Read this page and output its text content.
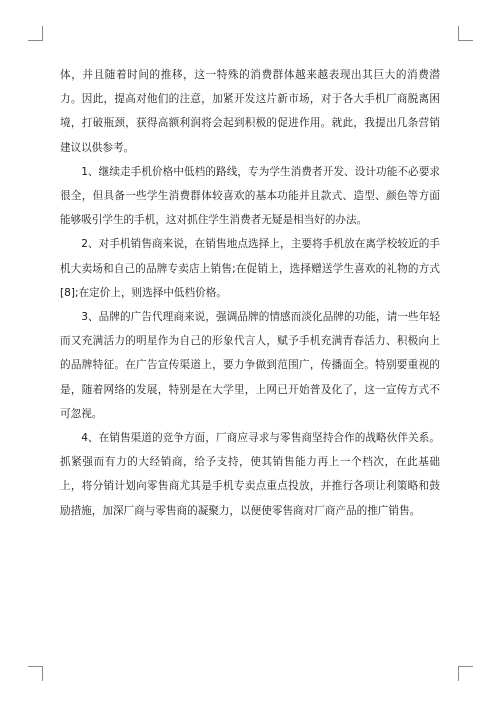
体，并且随着时间的推移，这一特殊的消费群体越来越表现出其巨大的消费潜力。因此，提高对他们的注意，加紧开发这片新市场，对于各大手机厂商脱离困境，打破瓶颈，获得高额利润将会起到积极的促进作用。就此，我提出几条营销建议以供参考。

1、继续走手机价格中低档的路线，专为学生消费者开发、设计功能不必要求很全，但具备一些学生消费群体较喜欢的基本功能并且款式、造型、颜色等方面能够吸引学生的手机，这对抓住学生消费者无疑是相当好的办法。

2、对手机销售商来说，在销售地点选择上，主要将手机放在离学校较近的手机大卖场和自己的品牌专卖店上销售;在促销上，选择赠送学生喜欢的礼物的方式[8];在定价上，则选择中低档价格。

3、品牌的广告代理商来说，强调品牌的情感而淡化品牌的功能，请一些年轻而又充满活力的明星作为自己的形象代言人，赋予手机充满青春活力、积极向上的品牌特征。在广告宣传渠道上，要力争做到范围广，传播面全。特别要重视的是，随着网络的发展，特别是在大学里，上网已开始普及化了，这一宣传方式不可忽视。

4、在销售渠道的竞争方面，厂商应寻求与零售商坚持合作的战略伙伴关系。抓紧强而有力的大经销商，给予支持，使其销售能力再上一个档次，在此基础上，将分销计划向零售商尤其是手机专卖点重点投放，并推行各项让利策略和鼓励措施，加深厂商与零售商的凝聚力，以便使零售商对厂商产品的推广销售。
